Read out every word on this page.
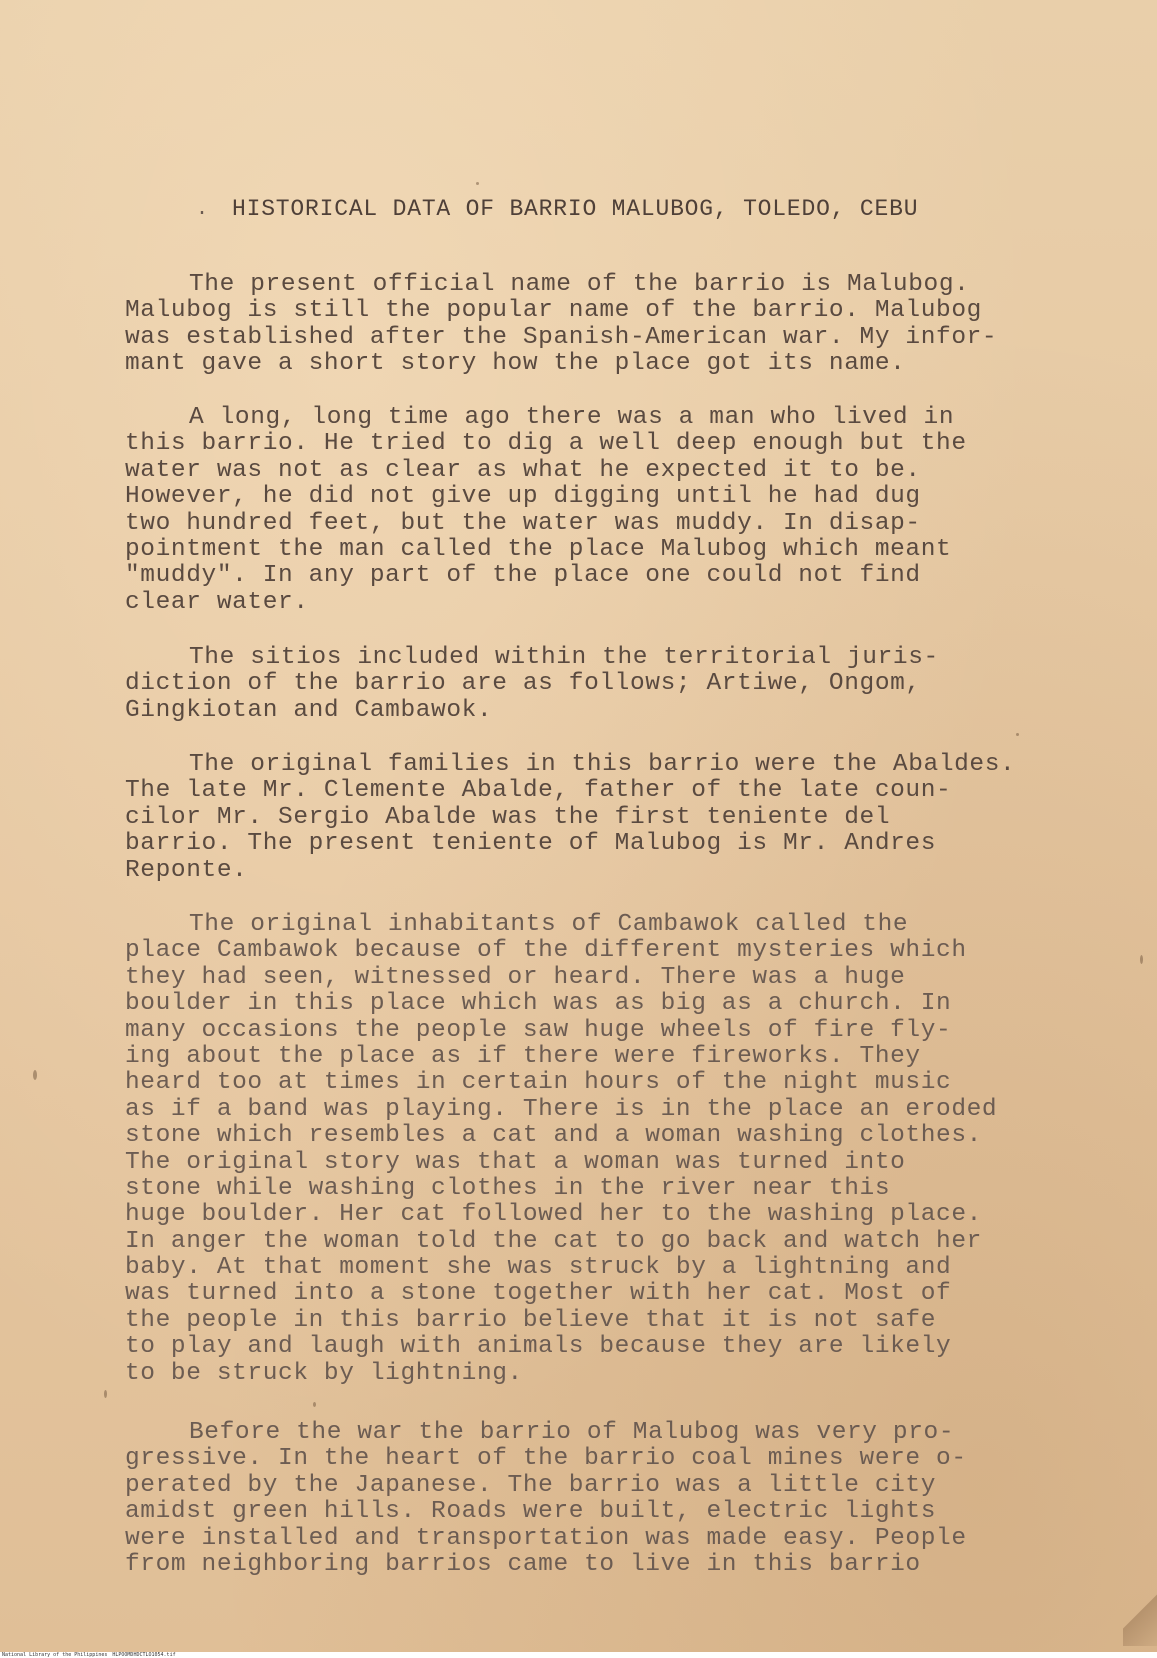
. HISTORICAL DATA OF BARRIO MALUBOG, TOLEDO, CEBU
The present official name of the barrio is Malubog.
Malubog is still the popular name of the barrio. Malubog
was established after the Spanish-American war. My infor-
mant gave a short story how the place got its name.
A long, long time ago there was a man who lived in
this barrio. He tried to dig a well deep enough but the
water was not as clear as what he expected it to be.
However, he did not give up digging until he had dug
two hundred feet, but the water was muddy. In disap-
pointment the man called the place Malubog which meant
"muddy". In any part of the place one could not find
clear water.
The sitios included within the territorial juris-
diction of the barrio are as follows; Artiwe, Ongom,
Gingkiotan and Cambawok.
The original families in this barrio were the Abaldes.
The late Mr. Clemente Abalde, father of the late coun-
cilor Mr. Sergio Abalde was the first teniente del
barrio. The present teniente of Malubog is Mr. Andres
Reponte.
The original inhabitants of Cambawok called the
place Cambawok because of the different mysteries which
they had seen, witnessed or heard. There was a huge
boulder in this place which was as big as a church. In
many occasions the people saw huge wheels of fire fly-
ing about the place as if there were fireworks. They
heard too at times in certain hours of the night music
as if a band was playing. There is in the place an eroded
stone which resembles a cat and a woman washing clothes.
The original story was that a woman was turned into
stone while washing clothes in the river near this
huge boulder. Her cat followed her to the washing place.
In anger the woman told the cat to go back and watch her
baby. At that moment she was struck by a lightning and
was turned into a stone together with her cat. Most of
the people in this barrio believe that it is not safe
to play and laugh with animals because they are likely
to be struck by lightning.
Before the war the barrio of Malubog was very pro-
gressive. In the heart of the barrio coal mines were o-
perated by the Japanese. The barrio was a little city
amidst green hills. Roads were built, electric lights
were installed and transportation was made easy. People
from neighboring barrios came to live in this barrio
National Library of the Philippines HLPOOMDHDCTLO1054.tif
